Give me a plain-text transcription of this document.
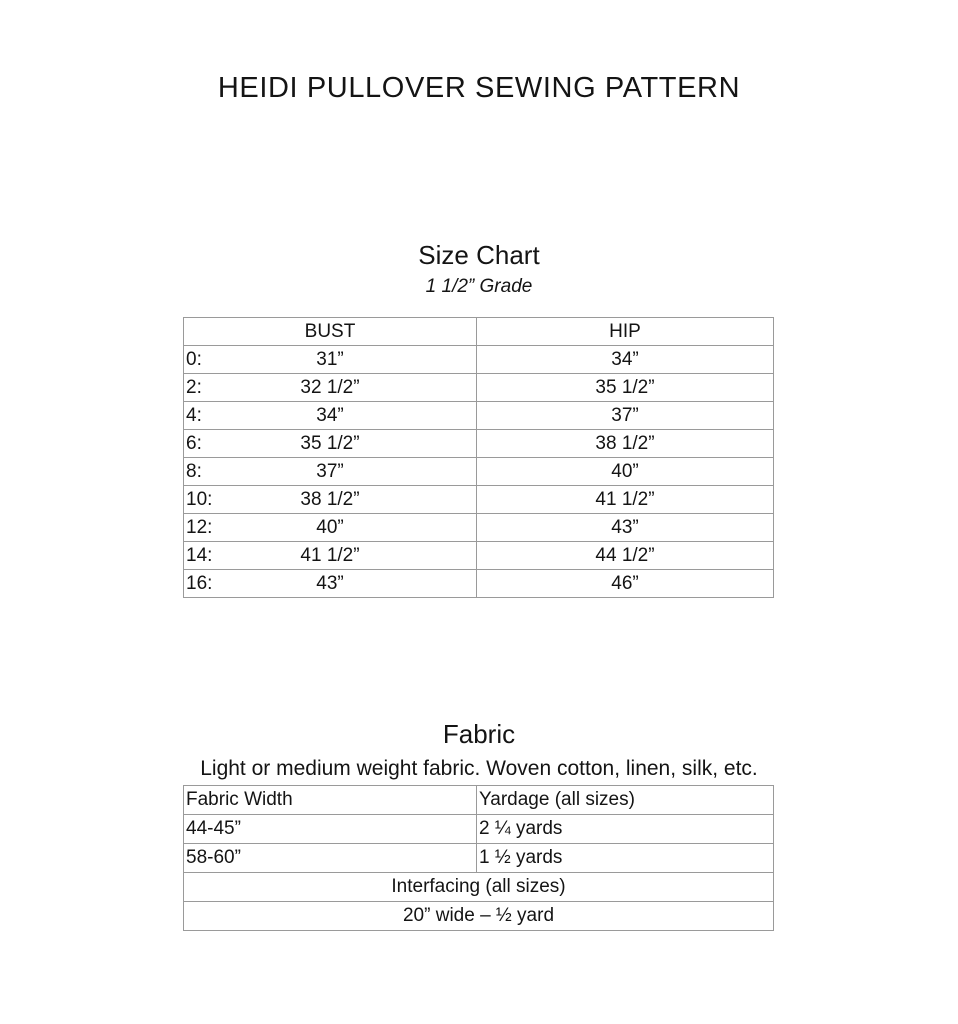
HEIDI PULLOVER SEWING PATTERN
Size Chart
1 1/2” Grade
BUST	HIP

0: 31”	34”

2: 32 1/2”	35 1/2”

4: 34”	37”

6: 35 1/2”	38 1/2”

8: 37”	40”

10: 38 1/2”	41 1/2”

12: 40”	43”

14: 41 1/2”	44 1/2”

16: 43”	46”
Fabric
Light or medium weight fabric. Woven cotton, linen, silk, etc.
Fabric Width	Yardage (all sizes)
44-45”	2 ¼ yards
58-60”	1 ½ yards
Interfacing (all sizes)	
20” wide – ½ yard	
